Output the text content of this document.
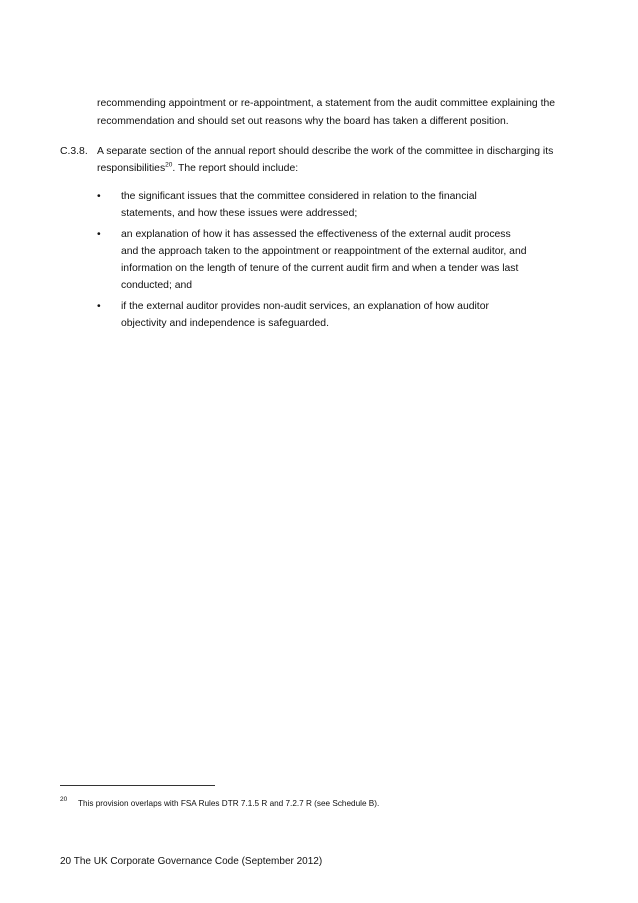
recommending appointment or re-appointment, a statement from the audit committee explaining the

recommendation and should set out reasons why the board has taken a different position.

C.3.8. A separate section of the annual report should describe the work of the committee in discharging its

responsibilities$^{20}$. The report should include:

• the significant issues that the committee considered in relation to the financial

statements, and how these issues were addressed;

• an explanation of how it has assessed the effectiveness of the external audit process

and the approach taken to the appointment or reappointment of the external auditor, and

information on the length of tenure of the current audit firm and when a tender was last

conducted; and

• if the external auditor provides non-audit services, an explanation of how auditor

objectivity and independence is safeguarded.

20 This provision overlaps with FSA Rules DTR 7.1.5 R and 7.2.7 R (see Schedule B).
20 The UK Corporate Governance Code (September 2012)
